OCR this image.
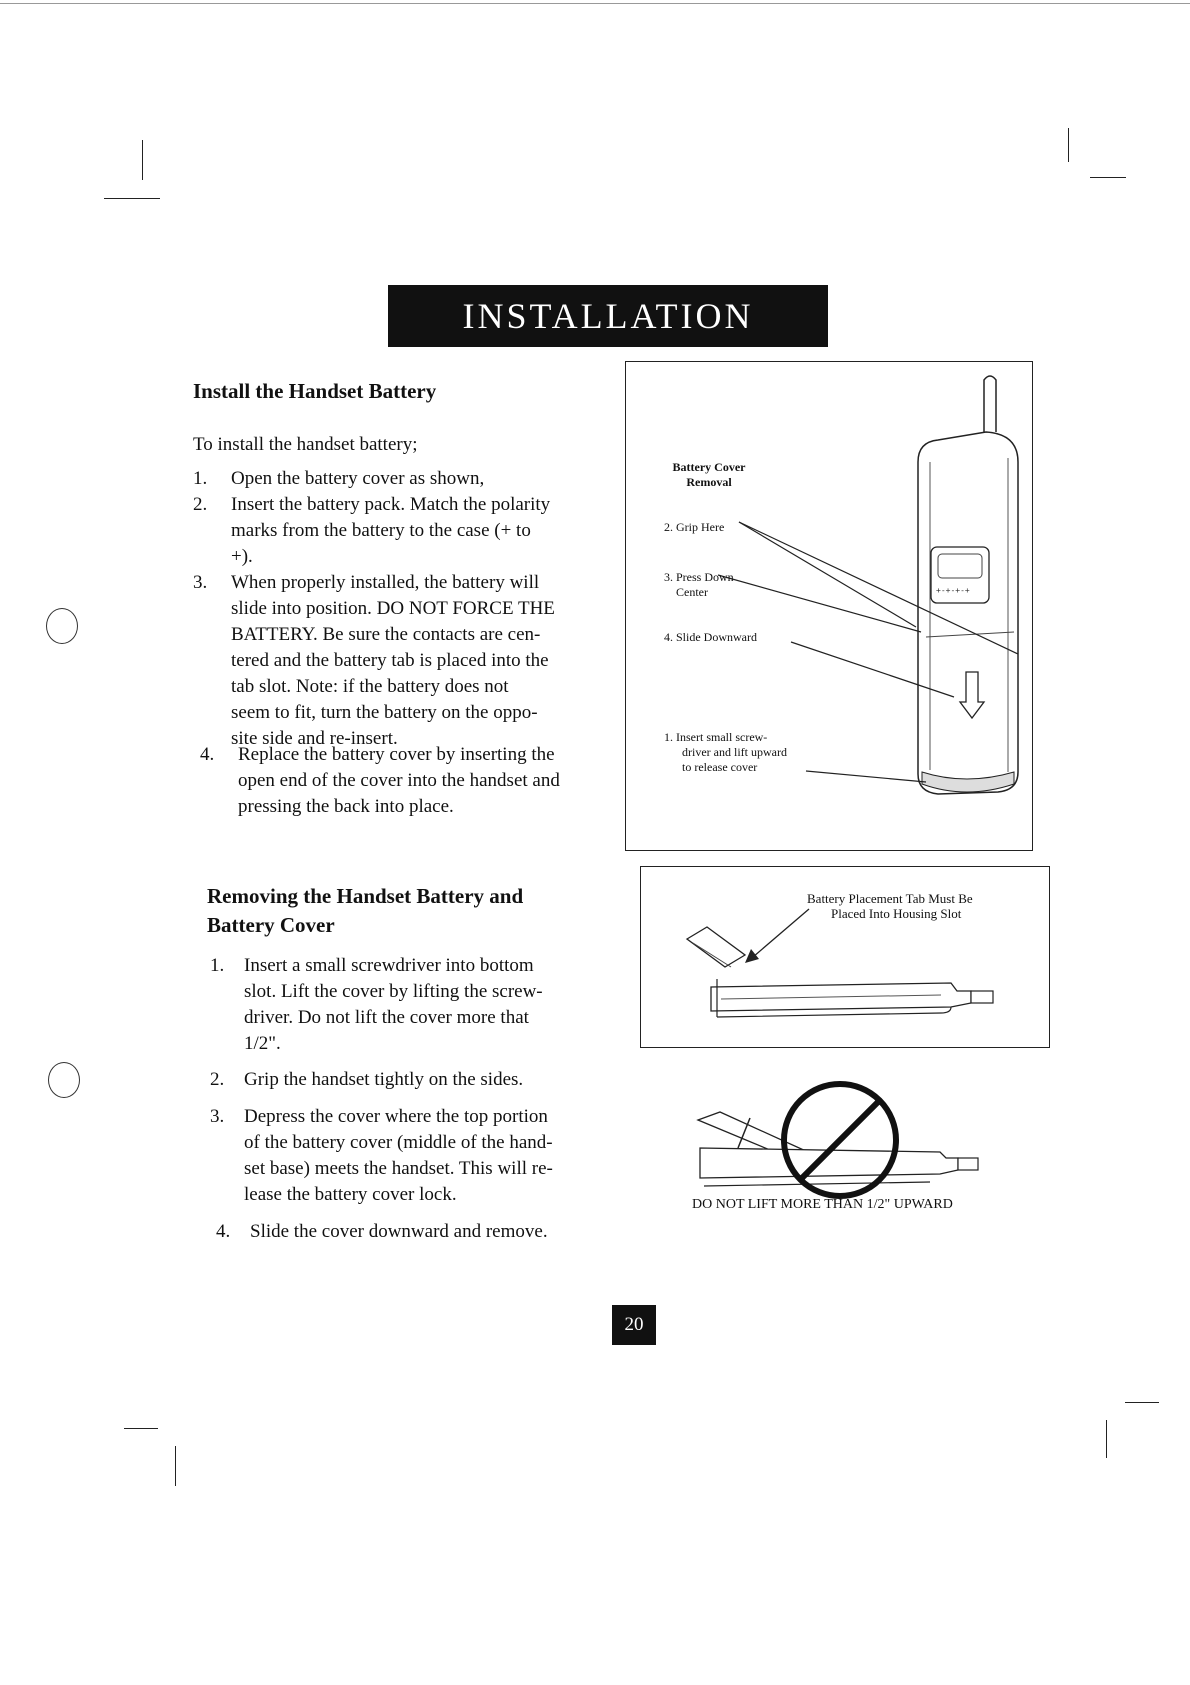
INSTALLATION
Install the Handset Battery
To install the handset battery;
1. Open the battery cover as shown,
2. Insert the battery pack. Match the polarity
marks from the battery to the case (+ to
+).
3. When properly installed, the battery will
slide into position. DO NOT FORCE THE
BATTERY. Be sure the contacts are cen-
tered and the battery tab is placed into the
tab slot. Note: if the battery does not
seem to fit, turn the battery on the oppo-
site side and re-insert.
4. Replace the battery cover by inserting the
open end of the cover into the handset and
pressing the back into place.
Removing the Handset Battery and
Battery Cover
1. Insert a small screwdriver into bottom
slot. Lift the cover by lifting the screw-
driver. Do not lift the cover more that
1/2".
2. Grip the handset tightly on the sides.
3. Depress the cover where the top portion
of the battery cover (middle of the hand-
set base) meets the handset. This will re-
lease the battery cover lock.
4. Slide the cover downward and remove.
+-+-+-+
Battery Cover
Removal
2. Grip Here
3. Press Down
Center
4. Slide Downward
1. Insert small screw-
driver and lift upward
to release cover
Battery Placement Tab Must Be
Placed Into Housing Slot
DO NOT LIFT MORE THAN 1/2" UPWARD
20
